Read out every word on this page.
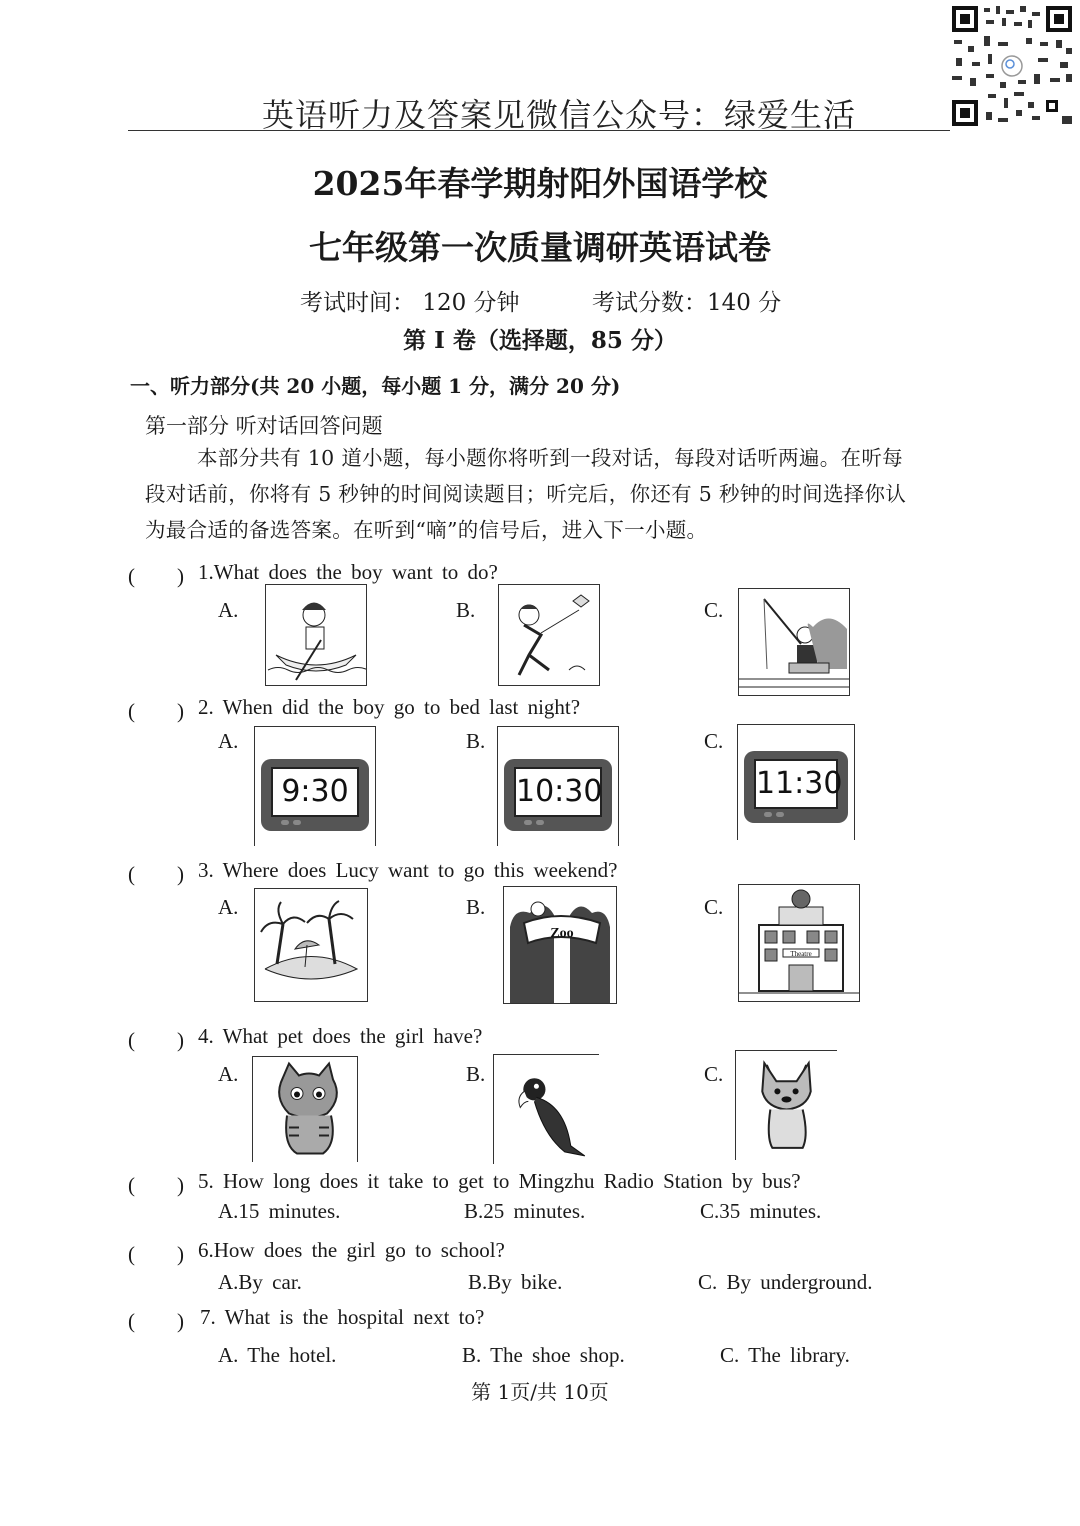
英语听力及答案见微信公众号：绿爱生活
2025年春学期射阳外国语学校
七年级第一次质量调研英语试卷
考试时间： 120 分钟	考试分数：140 分
第 I 卷（选择题，85 分）
一、听力部分(共 20 小题，每小题 1 分，满分 20 分)
第一部分 听对话回答问题

本部分共有 10 道小题，每小题你将听到一段对话，每段对话听两遍。在听每

段对话前，你将有 5 秒钟的时间阅读题目；听完后，你还有 5 秒钟的时间选择你认

为最合适的备选答案。在听到“嘀”的信号后，进入下一小题。

(　　) 1.What does the boy want to do?
A.	B.	C.
(　　) 2. When did the boy go to bed last night?
A.	B.	C.
9:30	10:30	11:30
(　　) 3. Where does Lucy want to go this weekend?
A.	B.	C.
Zoo
Theatre
(　　) 4. What pet does the girl have?
A.	B.	C.
(　　) 5. How long does it take to get to Mingzhu Radio Station by bus?
A.15 minutes.	B.25 minutes.	C.35 minutes.
(　　) 6.How does the girl go to school?
A.By car.	B.By bike.	C. By underground.
(　　) 7. What is the hospital next to?
A. The hotel.	B. The shoe shop.	C. The library.
第 1页/共 10页
